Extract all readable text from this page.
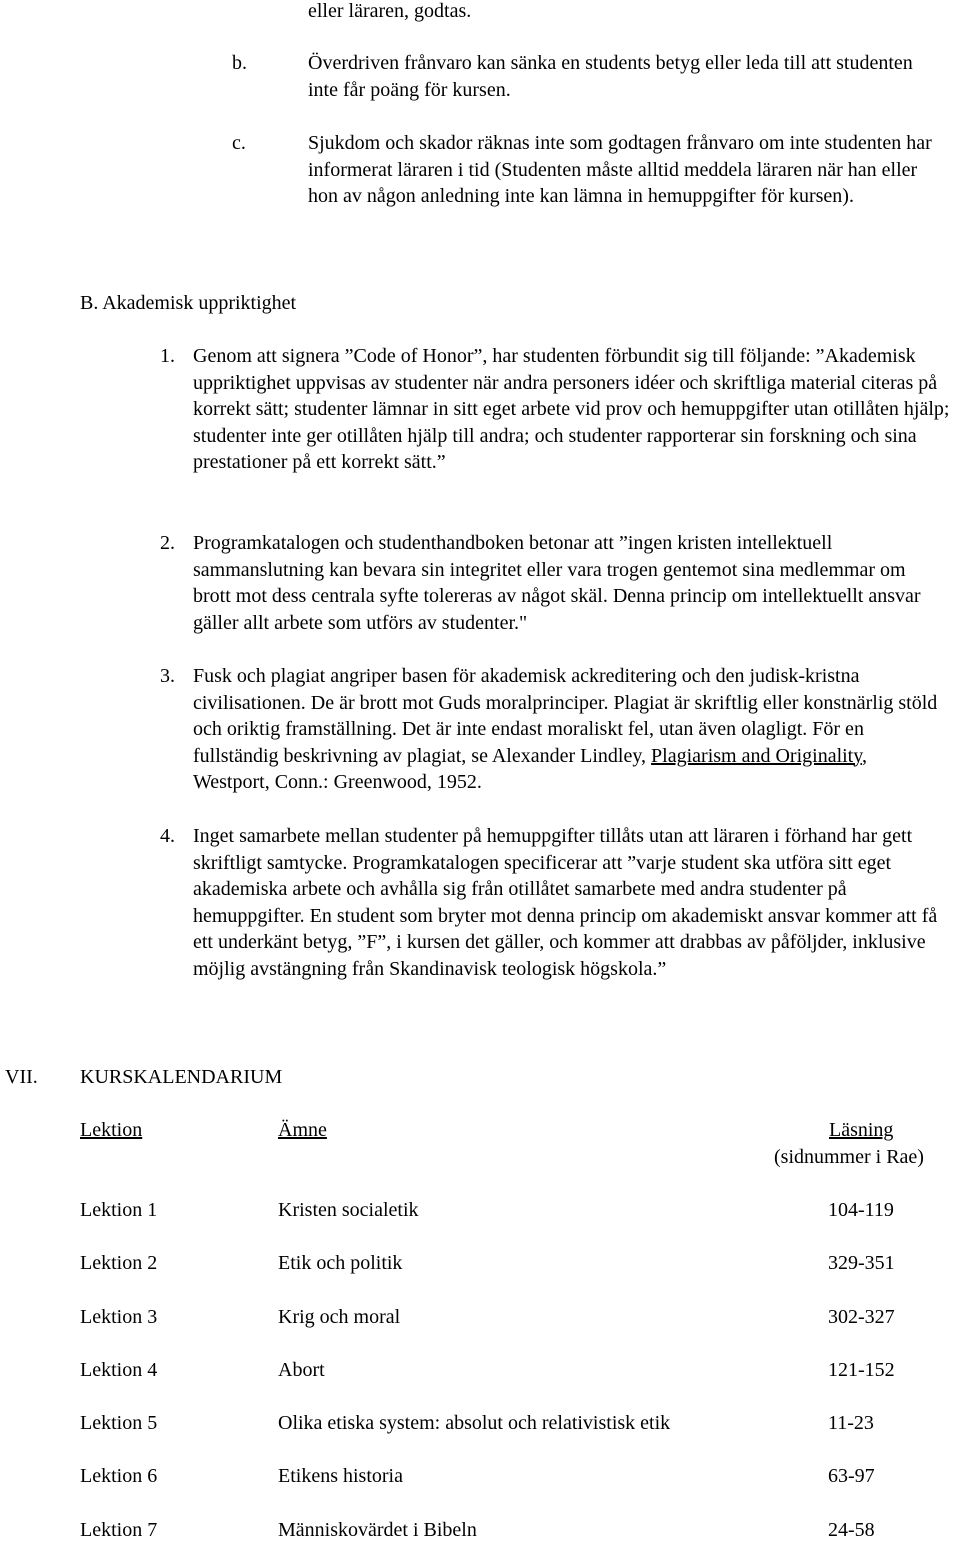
eller läraren, godtas.

b.	Överdriven frånvaro kan sänka en students betyg eller leda till att studenten inte får poäng för kursen.

c.	Sjukdom och skador räknas inte som godtagen frånvaro om inte studenten har informerat läraren i tid (Studenten måste alltid meddela läraren när han eller hon av någon anledning inte kan lämna in hemuppgifter för kursen).

B. Akademisk uppriktighet

1. Genom att signera ”Code of Honor”, har studenten förbundit sig till följande: ”Akademisk uppriktighet uppvisas av studenter när andra personers idéer och skriftliga material citeras på korrekt sätt; studenter lämnar in sitt eget arbete vid prov och hemuppgifter utan otillåten hjälp; studenter inte ger otillåten hjälp till andra; och studenter rapporterar sin forskning och sina prestationer på ett korrekt sätt.”

2. Programkatalogen och studenthandboken betonar att ”ingen kristen intellektuell sammanslutning kan bevara sin integritet eller vara trogen gentemot sina medlemmar om brott mot dess centrala syfte tolereras av något skäl. Denna princip om intellektuellt ansvar gäller allt arbete som utförs av studenter."

3. Fusk och plagiat angriper basen för akademisk ackreditering och den judisk-kristna civilisationen. De är brott mot Guds moralprinciper. Plagiat är skriftlig eller konstnärlig stöld och oriktig framställning. Det är inte endast moraliskt fel, utan även olagligt. För en fullständig beskrivning av plagiat, se Alexander Lindley, Plagiarism and Originality, Westport, Conn.: Greenwood, 1952.

4. Inget samarbete mellan studenter på hemuppgifter tillåts utan att läraren i förhand har gett skriftligt samtycke. Programkatalogen specificerar att ”varje student ska utföra sitt eget akademiska arbete och avhålla sig från otillåtet samarbete med andra studenter på hemuppgifter. En student som bryter mot denna princip om akademiskt ansvar kommer att få ett underkänt betyg, ”F”, i kursen det gäller, och kommer att drabbas av påföljder, inklusive möjlig avstängning från Skandinavisk teologisk högskola.”

VII. KURSKALENDARIUM
Lektion	Ämne	Läsning
(sidnummer i Rae)
Lektion 1	Kristen socialetik	104-119
Lektion 2	Etik och politik	329-351
Lektion 3	Krig och moral	302-327
Lektion 4	Abort	121-152
Lektion 5	Olika etiska system: absolut och relativistisk etik	11-23
Lektion 6	Etikens historia	63-97
Lektion 7	Människovärdet i Bibeln	24-58
